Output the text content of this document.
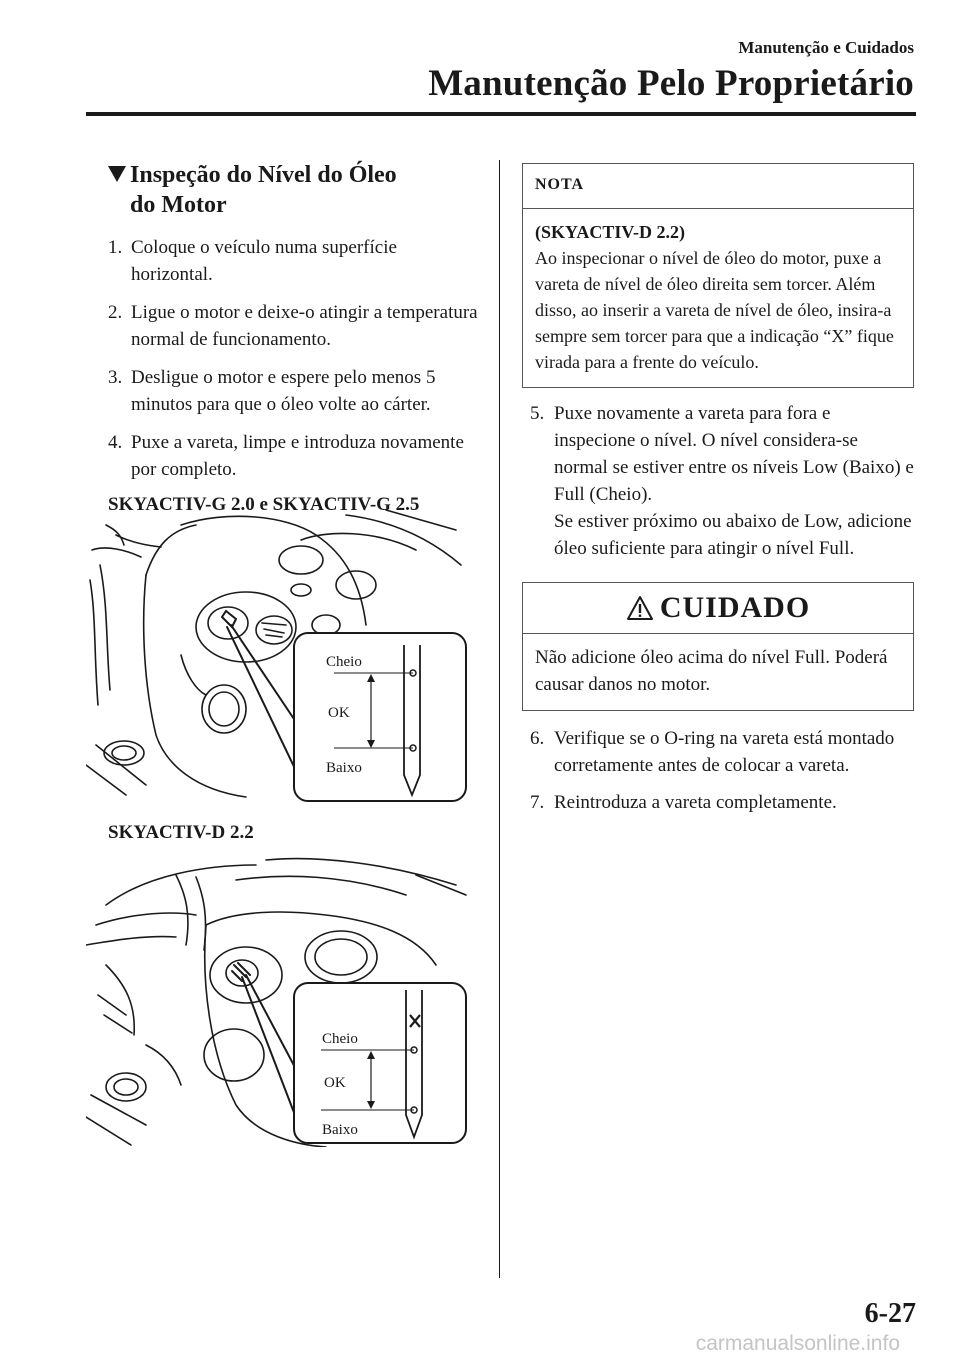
Manutenção e Cuidados
Manutenção Pelo Proprietário
Inspeção do Nível do Óleo
do Motor
1. Coloque o veículo numa superfície horizontal.
2. Ligue o motor e deixe-o atingir a temperatura normal de funcionamento.
3. Desligue o motor e espere pelo menos 5 minutos para que o óleo volte ao cárter.
4. Puxe a vareta, limpe e introduza novamente por completo.
SKYACTIV-G 2.0 e SKYACTIV-G 2.5
Cheio
OK
Baixo
SKYACTIV-D 2.2
Cheio
OK
Baixo
NOTA
(SKYACTIV-D 2.2)
Ao inspecionar o nível de óleo do motor, puxe a vareta de nível de óleo direita sem torcer. Além disso, ao inserir a vareta de nível de óleo, insira-a sempre sem torcer para que a indicação “X” fique virada para a frente do veículo.
5. Puxe novamente a vareta para fora e inspecione o nível. O nível considera-se normal se estiver entre os níveis Low (Baixo) e Full (Cheio).
Se estiver próximo ou abaixo de Low, adicione óleo suficiente para atingir o nível Full.
CUIDADO
Não adicione óleo acima do nível Full. Poderá causar danos no motor.
6. Verifique se o O-ring na vareta está montado corretamente antes de colocar a vareta.
7. Reintroduza a vareta completamente.
6-27
carmanualsonline.info
